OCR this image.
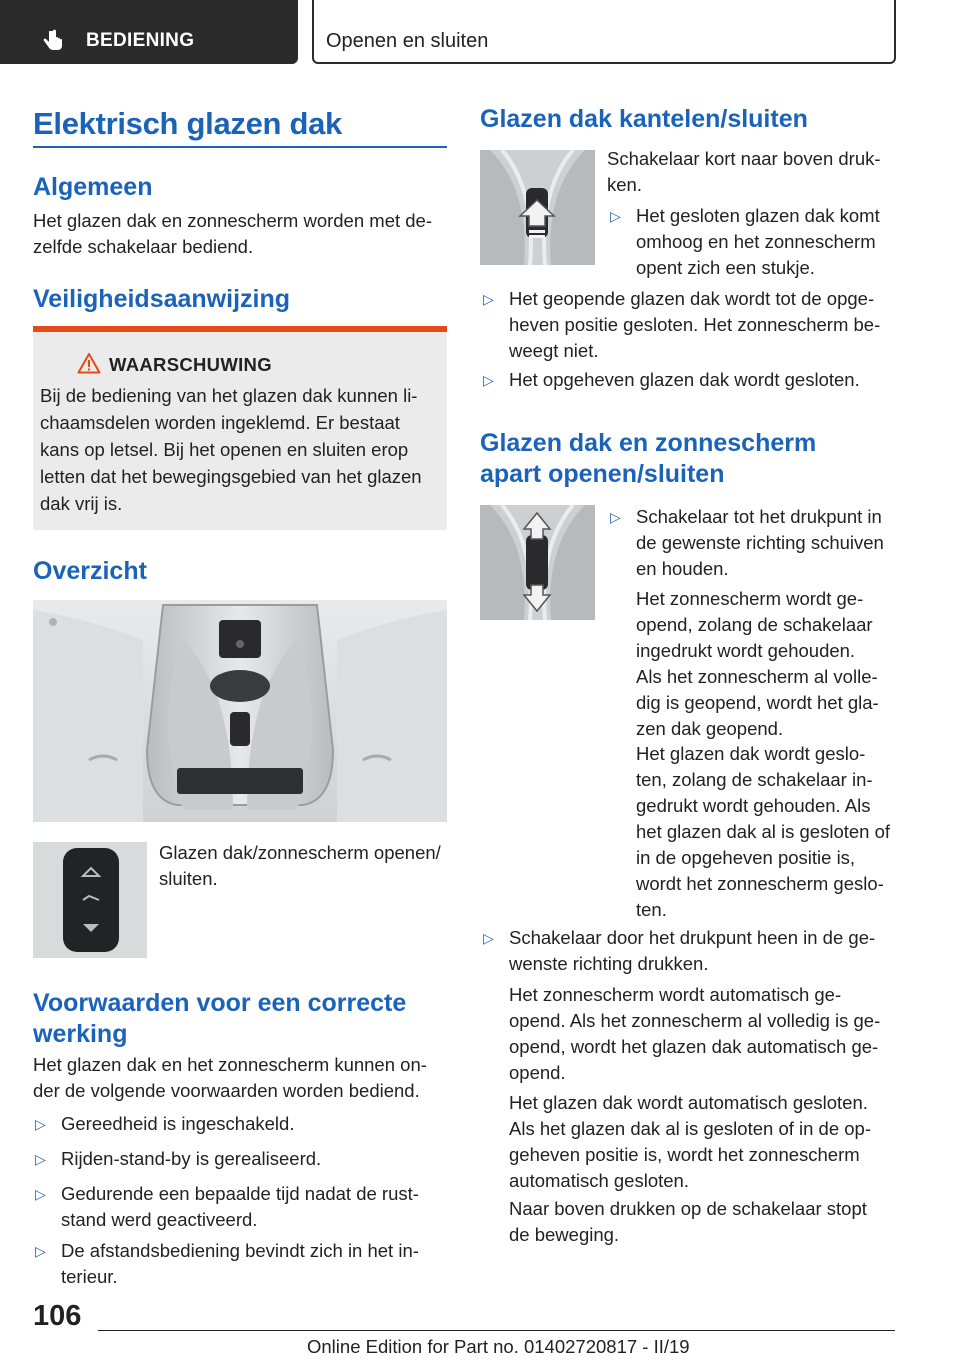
BEDIENING	Openen en sluiten
Elektrisch glazen dak
Algemeen
Het glazen dak en zonnescherm worden met de-
zelfde schakelaar bediend.
Veiligheidsaanwijzing
WAARSCHUWING
Bij de bediening van het glazen dak kunnen li-
chaamsdelen worden ingeklemd. Er bestaat
kans op letsel. Bij het openen en sluiten erop
letten dat het bewegingsgebied van het glazen
dak vrij is.
Overzicht
Glazen dak/zonnescherm openen/
sluiten.
Voorwaarden voor een correcte
werking
Het glazen dak en het zonnescherm kunnen on-
der de volgende voorwaarden worden bediend.
▷ Gereedheid is ingeschakeld.
▷ Rijden-stand-by is gerealiseerd.
▷ Gedurende een bepaalde tijd nadat de rust-
stand werd geactiveerd.
▷ De afstandsbediening bevindt zich in het in-
terieur.
Glazen dak kantelen/sluiten
Schakelaar kort naar boven druk-
ken.
▷ Het gesloten glazen dak komt
omhoog en het zonnescherm
opent zich een stukje.
▷ Het geopende glazen dak wordt tot de opge-
heven positie gesloten. Het zonnescherm be-
weegt niet.
▷ Het opgeheven glazen dak wordt gesloten.
Glazen dak en zonnescherm
apart openen/sluiten
▷ Schakelaar tot het drukpunt in
de gewenste richting schuiven
en houden.
Het zonnescherm wordt ge-
opend, zolang de schakelaar
ingedrukt wordt gehouden.
Als het zonnescherm al volle-
dig is geopend, wordt het gla-
zen dak geopend.
Het glazen dak wordt geslo-
ten, zolang de schakelaar in-
gedrukt wordt gehouden. Als
het glazen dak al is gesloten of
in de opgeheven positie is,
wordt het zonnescherm geslo-
ten.
▷ Schakelaar door het drukpunt heen in de ge-
wenste richting drukken.
Het zonnescherm wordt automatisch ge-
opend. Als het zonnescherm al volledig is ge-
opend, wordt het glazen dak automatisch ge-
opend.
Het glazen dak wordt automatisch gesloten.
Als het glazen dak al is gesloten of in de op-
geheven positie is, wordt het zonnescherm
automatisch gesloten.
Naar boven drukken op de schakelaar stopt
de beweging.
106
Online Edition for Part no. 01402720817 - II/19
